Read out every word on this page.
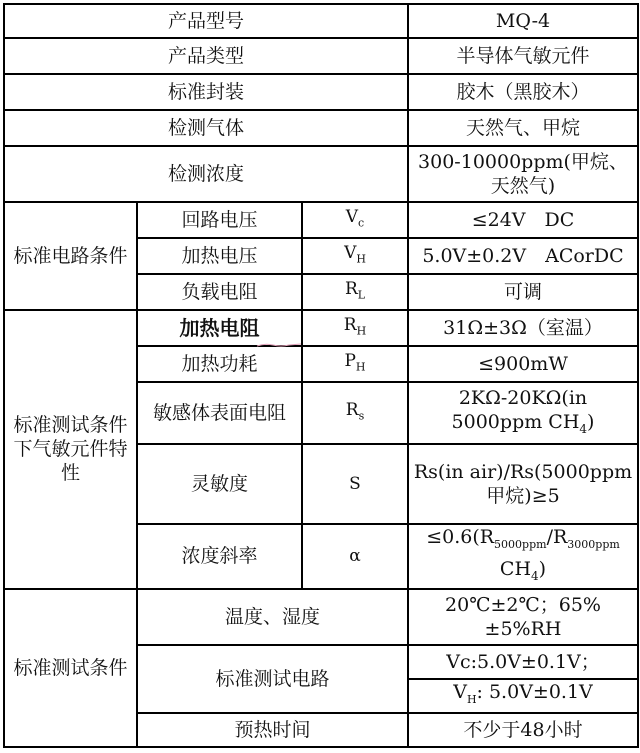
产品型号			MQ-4
产品类型			半导体气敏元件
标准封装			胶木（黑胶木）
检测气体			天然气、甲烷
检测浓度			300-10000ppm(甲烷、天然气)
标准电路条件	回路电压	$V_c$	≤24V　DC
	加热电压	$V_H$	5.0V±0.2V　ACorDC
	负载电阻	$R_L$	可调
标准测试条件下气敏元件特性	加热电阻	$R_H$	31Ω±3Ω（室温）
	加热功耗	$P_H$	≤900mW
	敏感体表面电阻	$R_s$	2KΩ-20KΩ(in 5000ppm $CH_4$)
	灵敏度	S	Rs(in air)/Rs(5000ppm甲烷)≥5
	浓度斜率	α	$\le 0.6(R_{5000ppm}/R_{3000ppm}$
$CH_4$)
标准测试条件	温度、湿度		20℃±2℃；65%±5%RH
	标准测试电路		Vc:5.0V±0.1V；
			$V_H$: 5.0V±0.1V
	预热时间		不少于48小时
